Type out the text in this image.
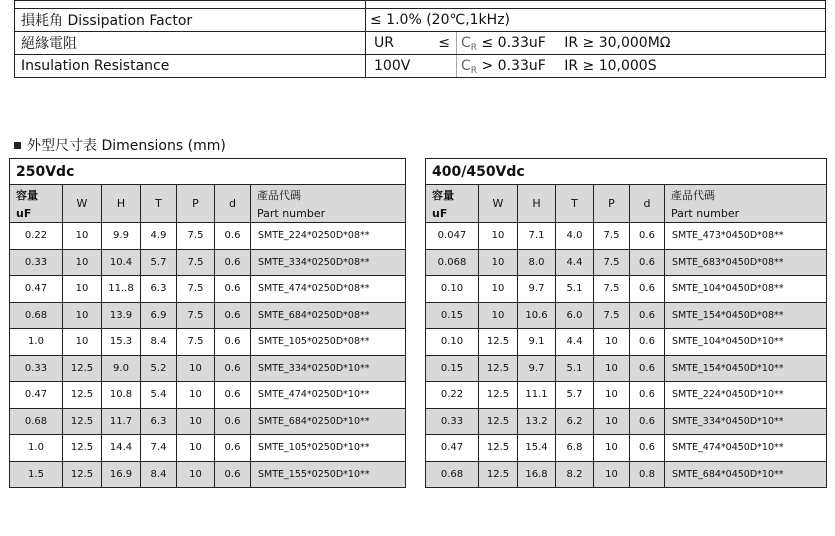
損耗角 Dissipation Factor	≤ 1.0% (20℃,1kHz)	
絕緣電阻	UR ≤	$C_R \le 0.33uF$ IR ≥ 30,000MΩ
Insulation Resistance	100V	$C_R > 0.33uF$ IR ≥ 10,000S
外型尺寸表 Dimensions (mm)
250Vdc						
容量	W	H	T	P	d	產品代碼
uF						Part number
0.22	10	9.9	4.9	7.5	0.6	SMTE_224*0250D*08**
0.33	10	10.4	5.7	7.5	0.6	SMTE_334*0250D*08**
0.47	10	11..8	6.3	7.5	0.6	SMTE_474*0250D*08**
0.68	10	13.9	6.9	7.5	0.6	SMTE_684*0250D*08**
1.0	10	15.3	8.4	7.5	0.6	SMTE_105*0250D*08**
0.33	12.5	9.0	5.2	10	0.6	SMTE_334*0250D*10**
0.47	12.5	10.8	5.4	10	0.6	SMTE_474*0250D*10**
0.68	12.5	11.7	6.3	10	0.6	SMTE_684*0250D*10**
1.0	12.5	14.4	7.4	10	0.6	SMTE_105*0250D*10**
1.5	12.5	16.9	8.4	10	0.6	SMTE_155*0250D*10**
400/450Vdc						
容量	W	H	T	P	d	產品代碼
uF						Part number
0.047	10	7.1	4.0	7.5	0.6	SMTE_473*0450D*08**
0.068	10	8.0	4.4	7.5	0.6	SMTE_683*0450D*08**
0.10	10	9.7	5.1	7.5	0.6	SMTE_104*0450D*08**
0.15	10	10.6	6.0	7.5	0.6	SMTE_154*0450D*08**
0.10	12.5	9.1	4.4	10	0.6	SMTE_104*0450D*10**
0.15	12.5	9.7	5.1	10	0.6	SMTE_154*0450D*10**
0.22	12.5	11.1	5.7	10	0.6	SMTE_224*0450D*10**
0.33	12.5	13.2	6.2	10	0.6	SMTE_334*0450D*10**
0.47	12.5	15.4	6.8	10	0.6	SMTE_474*0450D*10**
0.68	12.5	16.8	8.2	10	0.8	SMTE_684*0450D*10**
